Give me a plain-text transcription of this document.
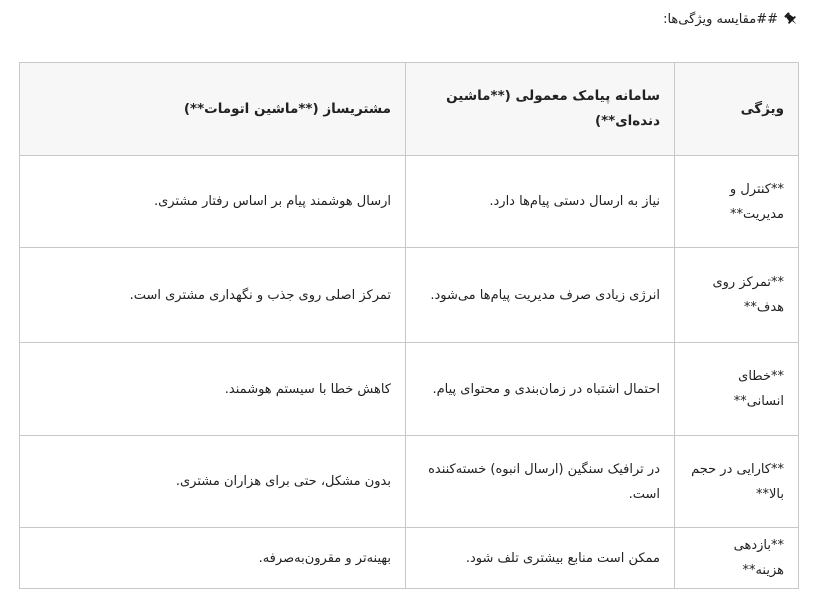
##مقایسه ویژگی‌ها:
ویژگی	سامانه پیامک معمولی (**ماشین دنده‌ای**)	مشتریساز (**ماشین اتومات**)
**کنترل و مدیریت**	نیاز به ارسال دستی پیام‌ها دارد.	ارسال هوشمند پیام بر اساس رفتار مشتری.
**تمرکز روی هدف**	انرژی زیادی صرف مدیریت پیام‌ها می‌شود.	تمرکز اصلی روی جذب و نگهداری مشتری است.
**خطای انسانی**	احتمال اشتباه در زمان‌بندی و محتوای پیام.	کاهش خطا با سیستم هوشمند.
**کارایی در حجم بالا**	در ترافیک سنگین (ارسال انبوه) خسته‌کننده است.	بدون مشکل، حتی برای هزاران مشتری.
**بازدهی هزینه**	ممکن است منابع بیشتری تلف شود.	بهینه‌تر و مقرون‌به‌صرفه.
